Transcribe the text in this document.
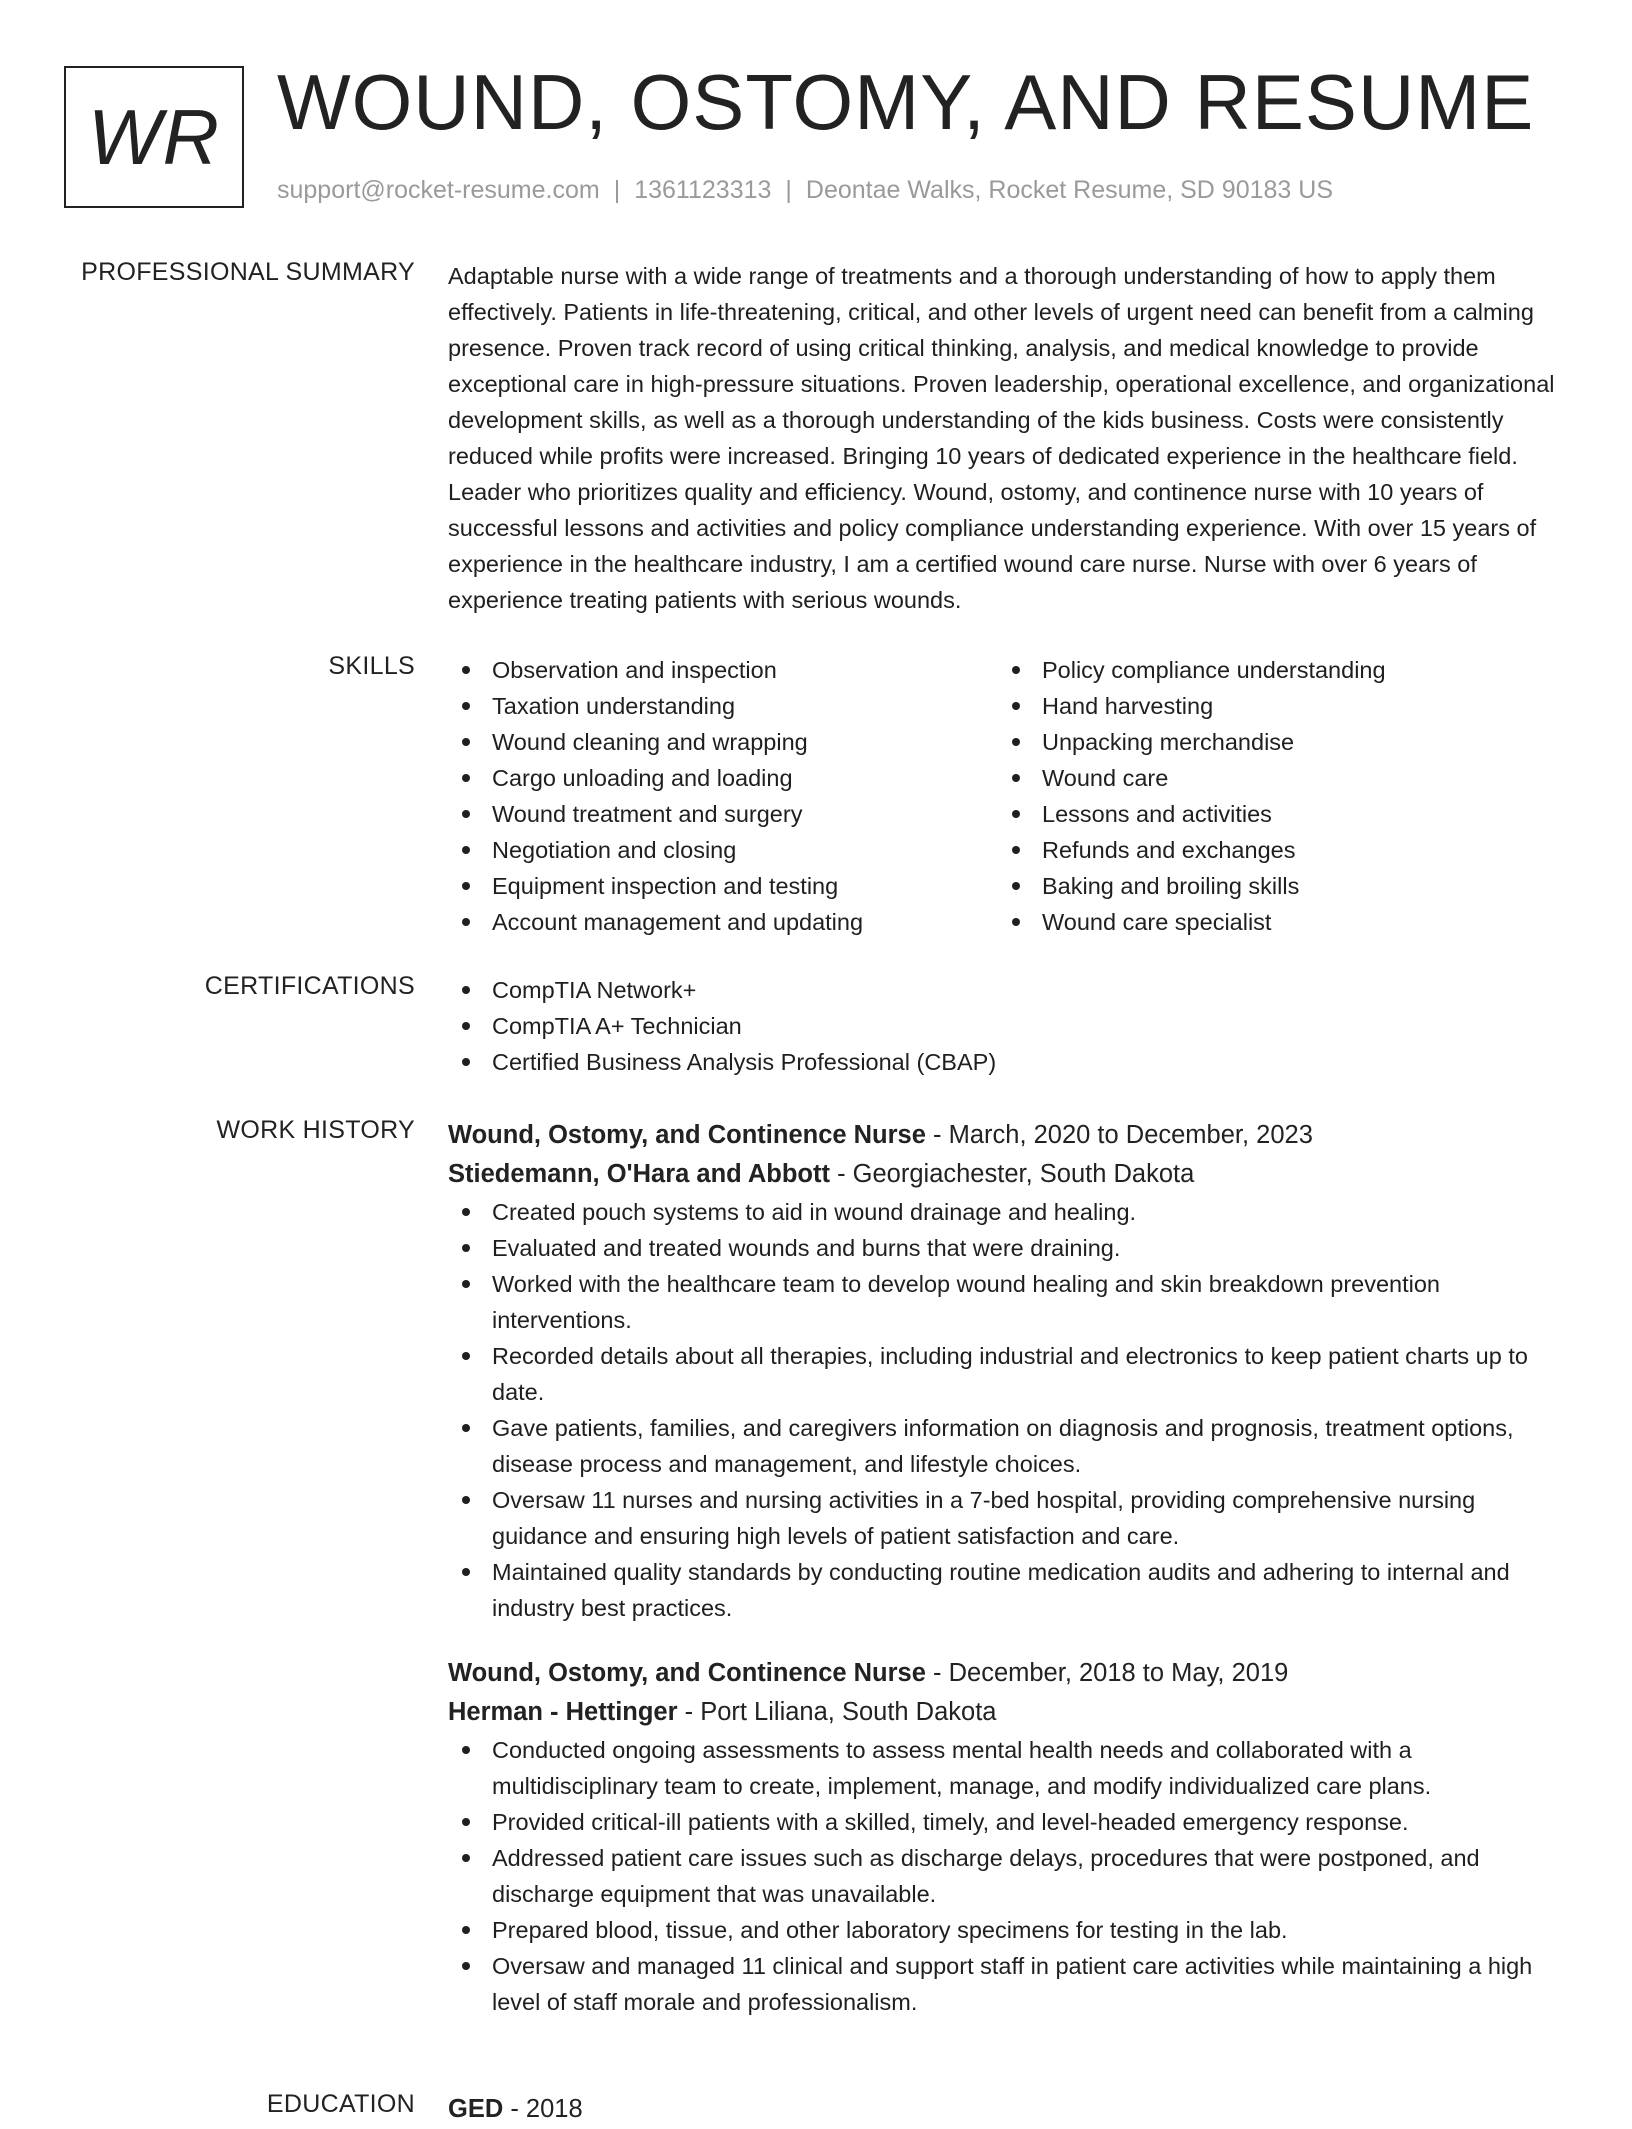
WR WOUND, OSTOMY, AND RESUME
support@rocket-resume.com | 1361123313 | Deontae Walks, Rocket Resume, SD 90183 US
PROFESSIONAL SUMMARY Adaptable nurse with a wide range of treatments and a thorough understanding of how to apply them effectively. Patients in life-threatening, critical, and other levels of urgent need can benefit from a calming presence. Proven track record of using critical thinking, analysis, and medical knowledge to provide exceptional care in high-pressure situations. Proven leadership, operational excellence, and organizational development skills, as well as a thorough understanding of the kids business. Costs were consistently reduced while profits were increased. Bringing 10 years of dedicated experience in the healthcare field. Leader who prioritizes quality and efficiency. Wound, ostomy, and continence nurse with 10 years of successful lessons and activities and policy compliance understanding experience. With over 15 years of experience in the healthcare industry, I am a certified wound care nurse. Nurse with over 6 years of experience treating patients with serious wounds.
SKILLS	Observation and inspection
Taxation understanding
Wound cleaning and wrapping
Cargo unloading and loading
Wound treatment and surgery
Negotiation and closing
Equipment inspection and testing
Account management and updating
Policy compliance understanding
Hand harvesting
Unpacking merchandise
Wound care
Lessons and activities
Refunds and exchanges
Baking and broiling skills
Wound care specialist
CERTIFICATIONS	CompTIA Network+
CompTIA A+ Technician
Certified Business Analysis Professional (CBAP)
WORK HISTORY Wound, Ostomy, and Continence Nurse - March, 2020 to December, 2023
Stiedemann, O'Hara and Abbott - Georgiachester, South Dakota
Created pouch systems to aid in wound drainage and healing.
Evaluated and treated wounds and burns that were draining.
Worked with the healthcare team to develop wound healing and skin breakdown prevention interventions.
Recorded details about all therapies, including industrial and electronics to keep patient charts up to date.
Gave patients, families, and caregivers information on diagnosis and prognosis, treatment options, disease process and management, and lifestyle choices.
Oversaw 11 nurses and nursing activities in a 7-bed hospital, providing comprehensive nursing guidance and ensuring high levels of patient satisfaction and care.
Maintained quality standards by conducting routine medication audits and adhering to internal and industry best practices.
Wound, Ostomy, and Continence Nurse - December, 2018 to May, 2019
Herman - Hettinger - Port Liliana, South Dakota
Conducted ongoing assessments to assess mental health needs and collaborated with a multidisciplinary team to create, implement, manage, and modify individualized care plans.
Provided critical-ill patients with a skilled, timely, and level-headed emergency response.
Addressed patient care issues such as discharge delays, procedures that were postponed, and discharge equipment that was unavailable.
Prepared blood, tissue, and other laboratory specimens for testing in the lab.
Oversaw and managed 11 clinical and support staff in patient care activities while maintaining a high level of staff morale and professionalism.
EDUCATION GED - 2018
